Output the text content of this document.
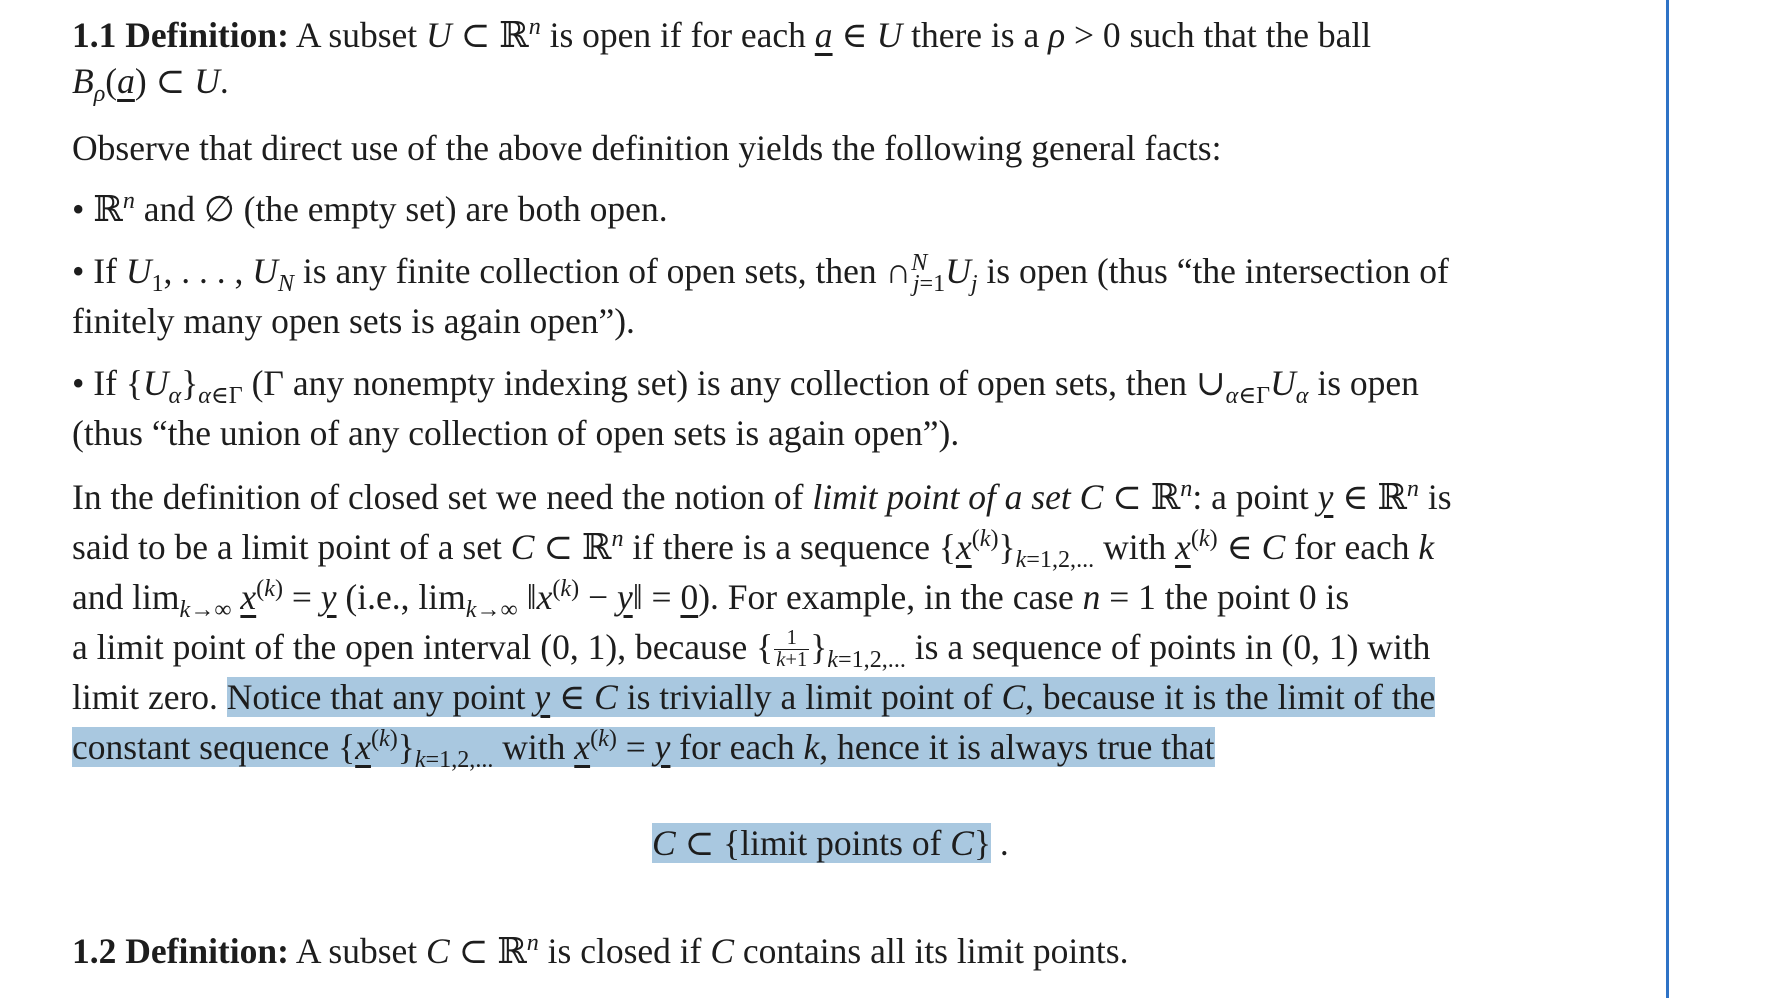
1.1 Definition: A subset U ⊂ ℝ$^n$ is open if for each a ∈ U there is a ρ > 0 such that the ball
$B_\rho(a)$ ⊂ U.
Observe that direct use of the above definition yields the following general facts:
• ℝ$^n$ and ∅ (the empty set) are both open.
• If $U_1$, . . . , $U_N$ is any finite collection of open sets, then $\cap^N_{j=1}U_j$ is open (thus “the intersection of
finitely many open sets is again open”).
• If $\{U_\alpha\}_{\alpha\in\Gamma}$ (Γ any nonempty indexing set) is any collection of open sets, then $\cup_{\alpha\in\Gamma}U_\alpha$ is open
(thus “the union of any collection of open sets is again open”).
In the definition of closed set we need the notion of limit point of a set C ⊂ ℝ$^n$: a point y ∈ ℝ$^n$ is
said to be a limit point of a set C ⊂ ℝ$^n$ if there is a sequence $\{x^{(k)}\}_{k=1,2,...}$ with $x^{(k)}$ ∈ C for each k
and $\lim_{k\to\infty} x^{(k)} = y$ (i.e., $\lim_{k\to\infty}$ $‖x^{(k)}$ − y‖ = 0). For example, in the case n = 1 the point 0 is
a limit point of the open interval (0, 1), because { $\frac{1}{k+1} \}_{k=1,2,...}$ is a sequence of points in (0, 1) with
limit zero. Notice that any point y ∈ C is trivially a limit point of C, because it is the limit of the
constant sequence $\{x^{(k)}\}_{k=1,2,...}$ with $x^{(k)} = y$ for each k, hence it is always true that
C ⊂ {limit points of C} .
1.2 Definition: A subset C ⊂ ℝ$^n$ is closed if C contains all its limit points.
